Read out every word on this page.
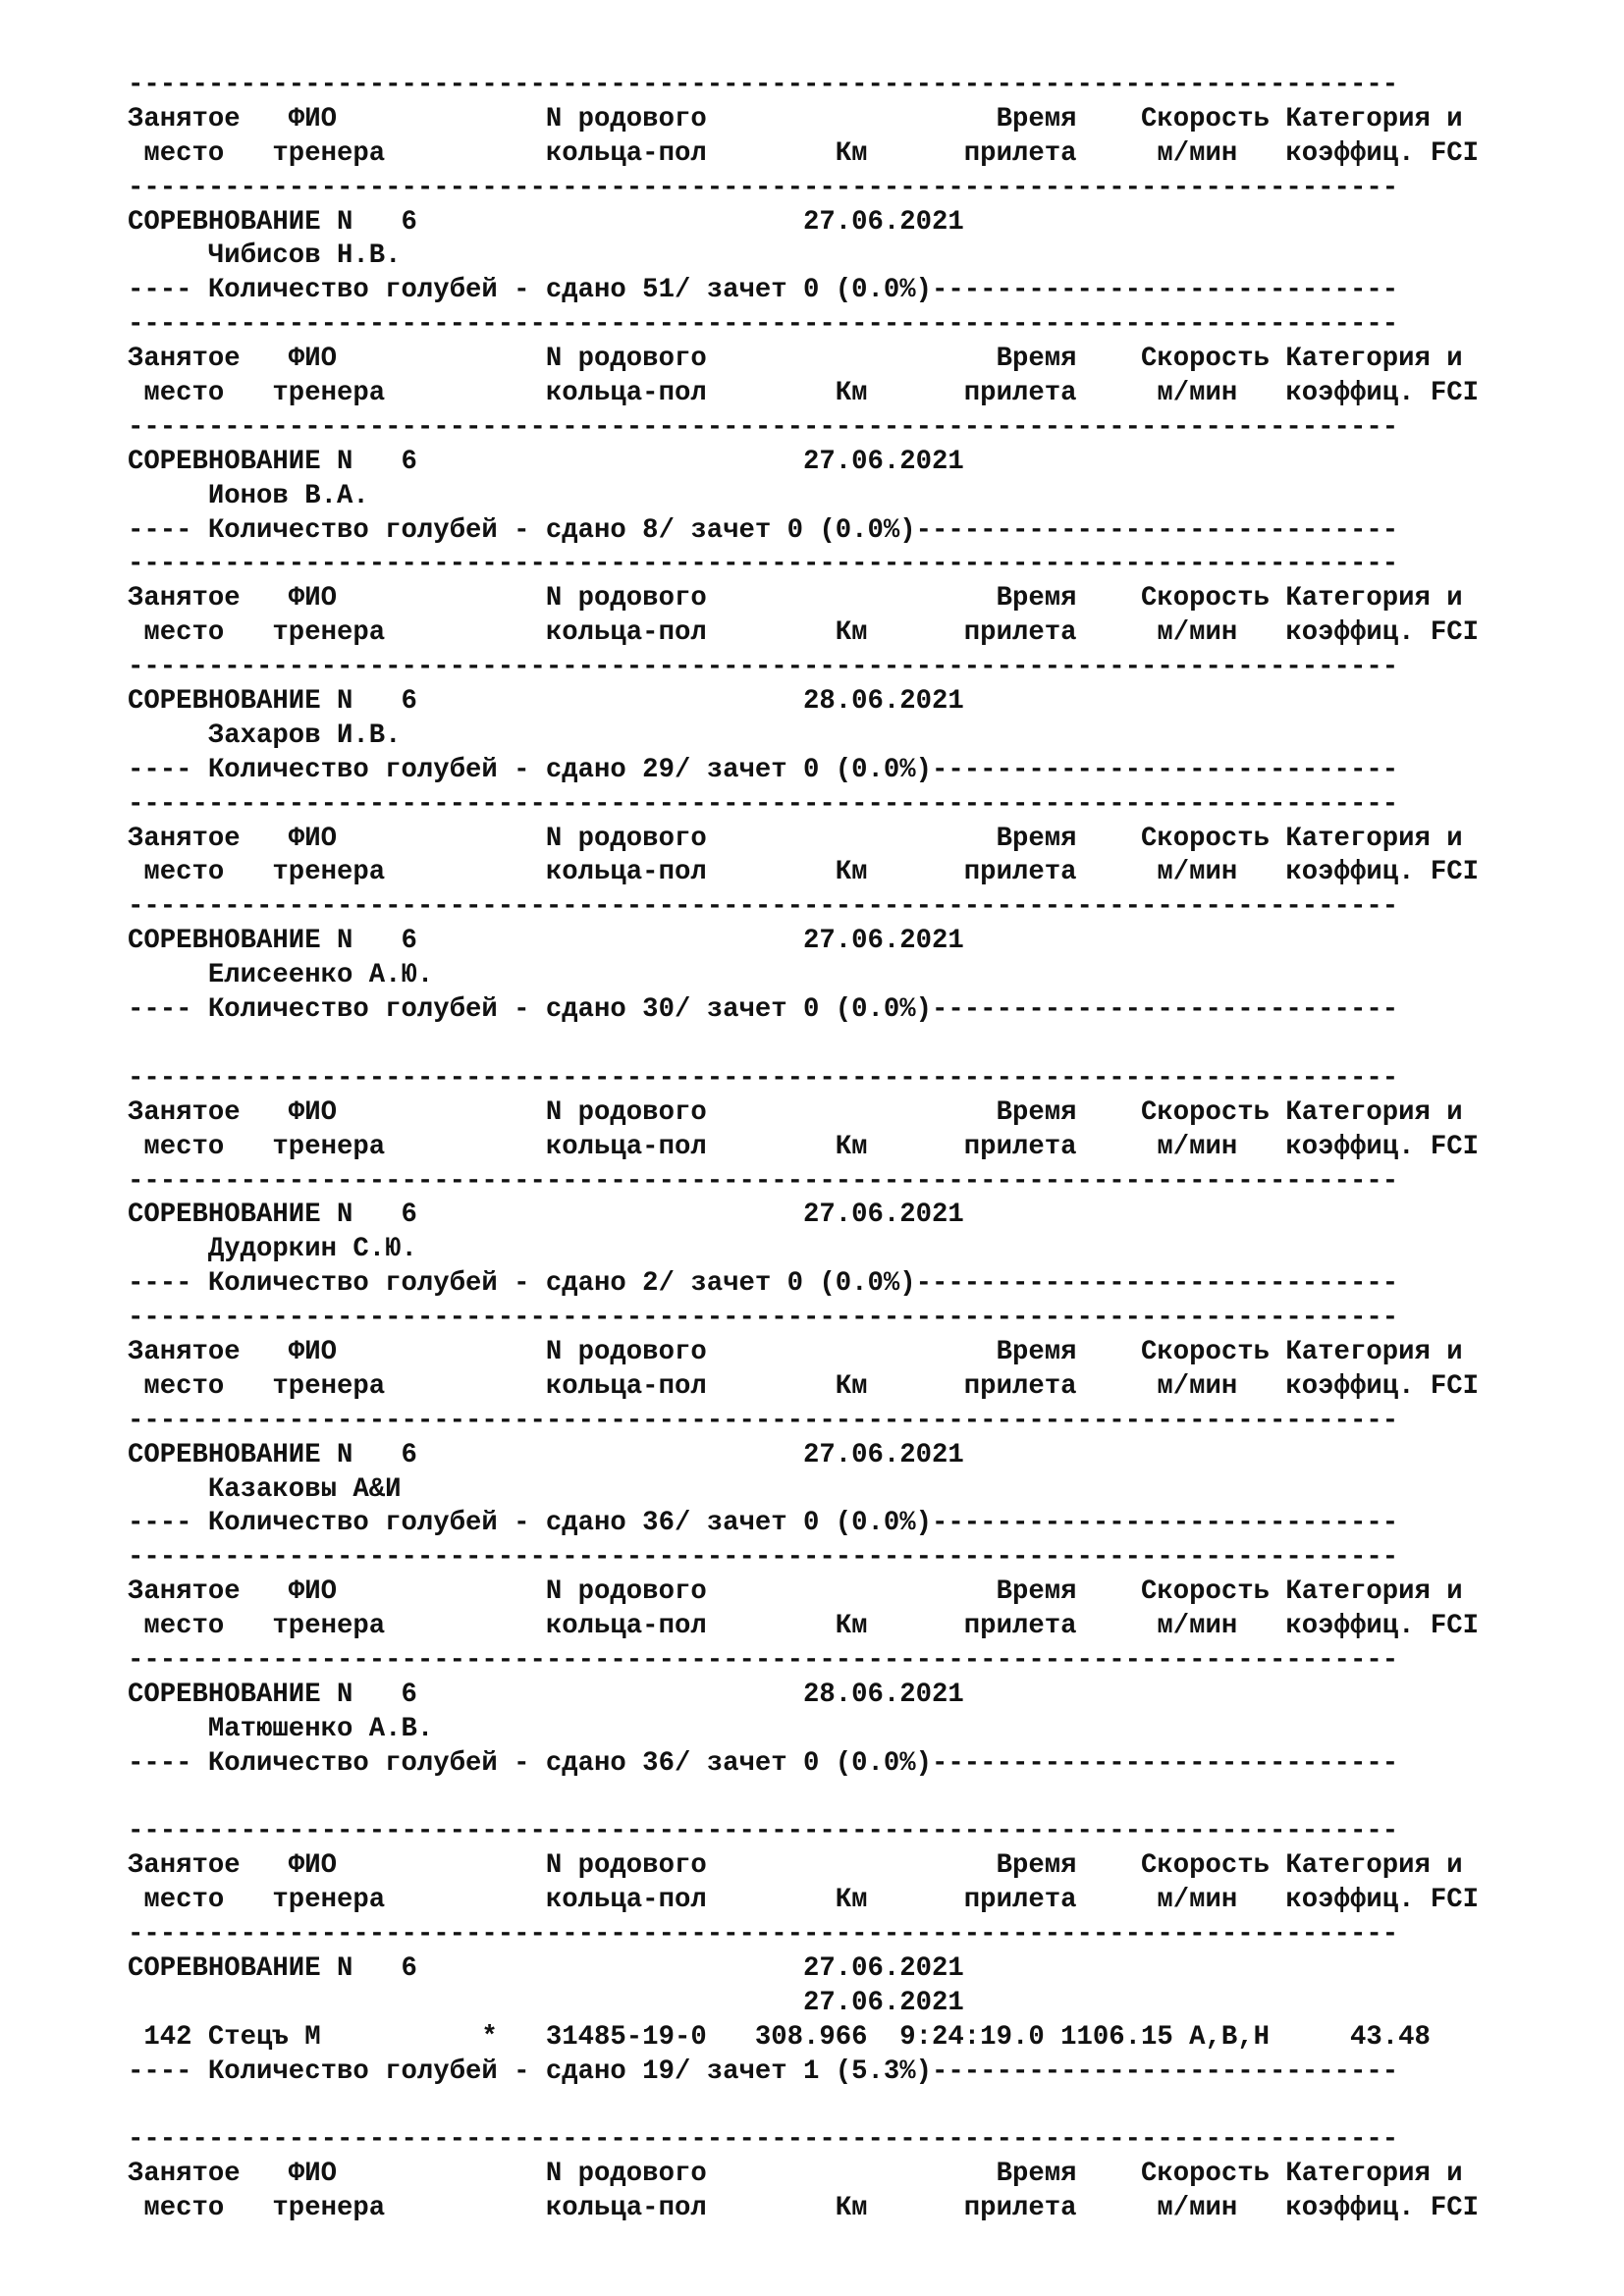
-------------------------------------------------------------------------------
Занятое   ФИО             N родового                  Время    Скорость Категория и
место   тренера          кольца-пол        Км      прилета     м/мин   коэффиц. FCI
-------------------------------------------------------------------------------
СОРЕВНОВАНИЕ N   6                        27.06.2021
Чибисов Н.В.
---- Количество голубей - сдано 51/ зачет 0 (0.0%)-----------------------------
-------------------------------------------------------------------------------
Занятое   ФИО             N родового                  Время    Скорость Категория и
место   тренера          кольца-пол        Км      прилета     м/мин   коэффиц. FCI
-------------------------------------------------------------------------------
СОРЕВНОВАНИЕ N   6                        27.06.2021
Ионов В.А.
---- Количество голубей - сдано 8/ зачет 0 (0.0%)------------------------------
-------------------------------------------------------------------------------
Занятое   ФИО             N родового                  Время    Скорость Категория и
место   тренера          кольца-пол        Км      прилета     м/мин   коэффиц. FCI
-------------------------------------------------------------------------------
СОРЕВНОВАНИЕ N   6                        28.06.2021
Захаров И.В.
---- Количество голубей - сдано 29/ зачет 0 (0.0%)-----------------------------
-------------------------------------------------------------------------------
Занятое   ФИО             N родового                  Время    Скорость Категория и
место   тренера          кольца-пол        Км      прилета     м/мин   коэффиц. FCI
-------------------------------------------------------------------------------
СОРЕВНОВАНИЕ N   6                        27.06.2021
Елисеенко А.Ю.
---- Количество голубей - сдано 30/ зачет 0 (0.0%)-----------------------------
-------------------------------------------------------------------------------
Занятое   ФИО             N родового                  Время    Скорость Категория и
место   тренера          кольца-пол        Км      прилета     м/мин   коэффиц. FCI
-------------------------------------------------------------------------------
СОРЕВНОВАНИЕ N   6                        27.06.2021
Дудоркин С.Ю.
---- Количество голубей - сдано 2/ зачет 0 (0.0%)------------------------------
-------------------------------------------------------------------------------
Занятое   ФИО             N родового                  Время    Скорость Категория и
место   тренера          кольца-пол        Км      прилета     м/мин   коэффиц. FCI
-------------------------------------------------------------------------------
СОРЕВНОВАНИЕ N   6                        27.06.2021
Казаковы А&И
---- Количество голубей - сдано 36/ зачет 0 (0.0%)-----------------------------
-------------------------------------------------------------------------------
Занятое   ФИО             N родового                  Время    Скорость Категория и
место   тренера          кольца-пол        Км      прилета     м/мин   коэффиц. FCI
-------------------------------------------------------------------------------
СОРЕВНОВАНИЕ N   6                        28.06.2021
Матюшенко А.В.
---- Количество голубей - сдано 36/ зачет 0 (0.0%)-----------------------------
-------------------------------------------------------------------------------
Занятое   ФИО             N родового                  Время    Скорость Категория и
место   тренера          кольца-пол        Км      прилета     м/мин   коэффиц. FCI
-------------------------------------------------------------------------------
СОРЕВНОВАНИЕ N   6                        27.06.2021
27.06.2021
142 Стецъ М          *   31485-19-0   308.966  9:24:19.0 1106.15 А,В,Н     43.48
---- Количество голубей - сдано 19/ зачет 1 (5.3%)-----------------------------
-------------------------------------------------------------------------------
Занятое   ФИО             N родового                  Время    Скорость Категория и
место   тренера          кольца-пол        Км      прилета     м/мин   коэффиц. FCI
